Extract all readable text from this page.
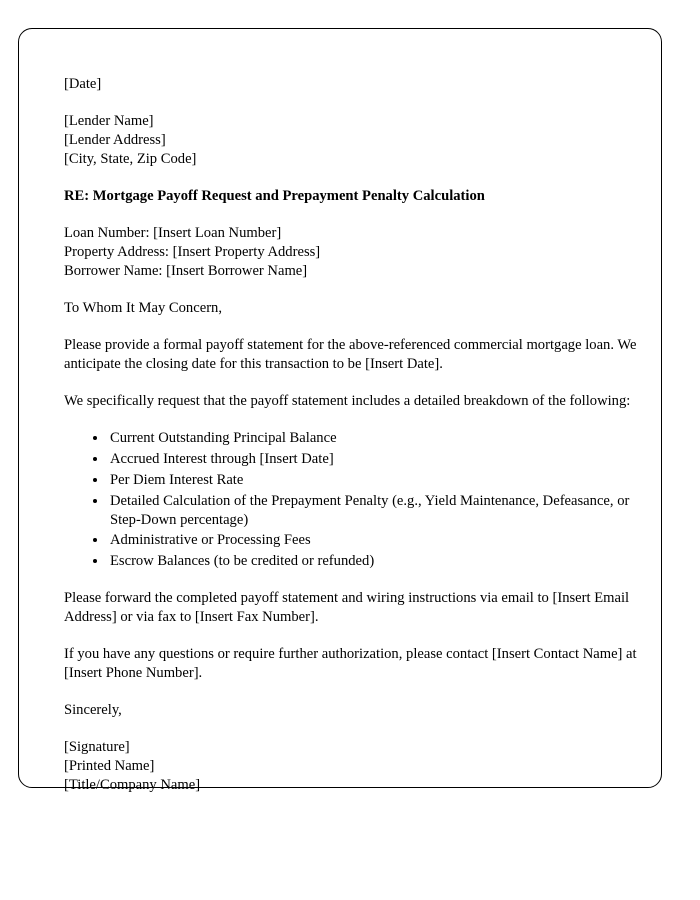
[Date]
[Lender Name]
[Lender Address]
[City, State, Zip Code]
RE: Mortgage Payoff Request and Prepayment Penalty Calculation
Loan Number: [Insert Loan Number]
Property Address: [Insert Property Address]
Borrower Name: [Insert Borrower Name]
To Whom It May Concern,
Please provide a formal payoff statement for the above-referenced commercial mortgage loan. We anticipate the closing date for this transaction to be [Insert Date].
We specifically request that the payoff statement includes a detailed breakdown of the following:
• Current Outstanding Principal Balance
• Accrued Interest through [Insert Date]
• Per Diem Interest Rate
• Detailed Calculation of the Prepayment Penalty (e.g., Yield Maintenance, Defeasance, or Step-Down percentage)
• Administrative or Processing Fees
• Escrow Balances (to be credited or refunded)
Please forward the completed payoff statement and wiring instructions via email to [Insert Email Address] or via fax to [Insert Fax Number].
If you have any questions or require further authorization, please contact [Insert Contact Name] at [Insert Phone Number].
Sincerely,
[Signature]
[Printed Name]
[Title/Company Name]
